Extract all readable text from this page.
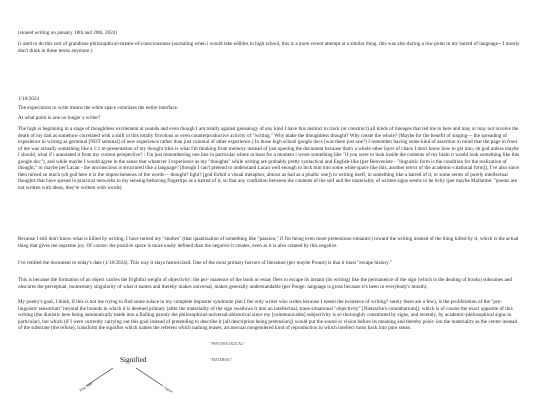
(stoned writing on january 18th and 20th, 2024)

(i used to do this sort of grandiose philosophical-stream-of-consciousness-journaling when i would take edibles in high school, this is a more recent attempt at a similar thing. this was also during a low point in my hatred of language-- I mostly don't think in these terms anymore.)

1/18/2024

The expectation to write means the white space colonizes the entire interface.

At what point is one no longer a writer?

The high is beginning in a stage of thoughtless excitement at sounds and even though I am totally against genealogy of any kind I have this instinct to track (or construct) all kinds of lineages that led me to here and may or may not involve the death of my dad as somehow correlated with a shift in this totally frivolous or even counterproductive activity of "writing." Why make the thoughtless thought? Why create the whole? (Maybe for the benefit of singing— the spreading of experience in writing as germinal [NOT seminal] of new experience rather than just colonial of other experience.) In those high school google docs (was there just one?) I remember having some kind of assertion in mind that the page in front of me was actually something like a 1:1 re-presentation of my thought (this is what I'm thinking from memory instead of just opening the document because that's a whole other layer of chaos I don't know how to get into, oh god unless maybe I should, what if i annotated it from my current perspective? / I'm just remembering one line in particular where at least for a moment i wrote something like "if you were to look inside the contents of my brain it would look something like this google doc"), and while maybe I would agree in the sense that whatever I experience as my "thoughts" while writing are probably pretty syntactical and English-like (per Benveniste - "linguistic form is the condition for the realization of thought," or maybe per Lacan - the unconscious is structured like a language? [though I can't pretend to understand Lacan well enough to lock him into some white space like this, another terror of the academic-citational form]), I've also since then turned so much (oh god here it is the imprecisenenss of the words— thought? light? [god forbid a visual metaphor, almost as bad as a phallic one]) to writing itself, in something like a hatred of it, or some series of purely intellectual thoughts that have spread in practical networks to my sensing-behaving fingertips as a hatred of it, so that any conflation between the contents of the self and the materiality of written signs seems to be itchy (per maybe Mallarmé: "poems are not written with ideas, they're written with words).

Because I still don't know what is killed by writing, I have turned my "studies" (that quantization of something like "passion," if I'm being even more pretentious-romantic) toward the writing instead of the thing killed by it, which is the actual thing that gives me supreme joy. Of course: the positive space is more easily defined than the negative it creates, even as it is also created by this negative.

I've retitled the document to today's date (1/18/2024). This way it stays historicized. One of the most primary horrors of literature (per maybe Proust) is that it must "escape history."

This is because the formation of an object carries the frightful weight of objectivity: the per- manence of the book or essay flees to escape its instant (its writing) like the permanence of the sign (which is the dealing of books) subsumes and obscures the perceptual, momentary singularity of what it names and thereby makes universal, makes generally understandable (per Ponge: language is gross because it's been in everybody's mouth).

My poetry's goal, I think, if this is not me trying to find some solace in my complete imposter syndrome (am I the only writer who writes because I resent the existence of writing? surely there are a few), is the proliferation of the "pre-linguistic sensorium" beyond the bounds in which it is deemed primary (after the materiality of the sign swallows it into an intellectual, trans-situational "objectivity" [Nietzsche's columbarium]), which is of course the exact opposite of this writing (the diaristic here being automatically made into a flailing parody the philosophical-universal-ahistorical since my [communicable] subjectivity is so thoroughly constituted by signs, and recently, by academic-philosophical signs in particular), but which (if I were currently carrying out this goal instead of pretending to describe it [all description being pretension]) would put the sound or vision before its meaning and thereby posit- ion the materiality as the center instead of the substrate (the refuse), transform the signifier which names the referent which naming erases, an asexual nongendered kind of reproduction in which intellect turns back into pure sense.

Signified
"PSYCHOLOGICAL"
"MATERIAL"
Thus falls	signer
